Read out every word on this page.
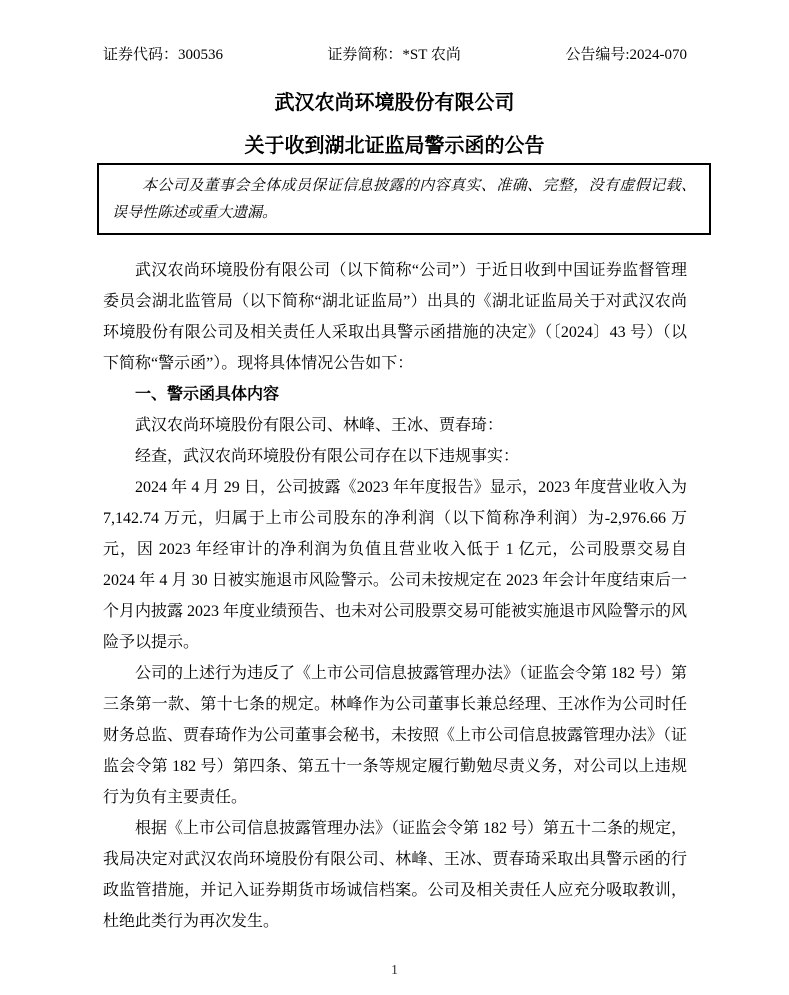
证券代码：300536	证券简称：*ST 农尚	公告编号:2024-070
武汉农尚环境股份有限公司
关于收到湖北证监局警示函的公告

本公司及董事会全体成员保证信息披露的内容真实、准确、完整，没有虚假记载、误导性陈述或重大遗漏。

武汉农尚环境股份有限公司（以下简称“公司”）于近日收到中国证券监督管理委员会湖北监管局（以下简称“湖北证监局”）出具的《湖北证监局关于对武汉农尚环境股份有限公司及相关责任人采取出具警示函措施的决定》（〔2024〕43 号）（以下简称“警示函”）。现将具体情况公告如下：

一、警示函具体内容

武汉农尚环境股份有限公司、林峰、王冰、贾春琦：

经查，武汉农尚环境股份有限公司存在以下违规事实：

2024 年 4 月 29 日，公司披露《2023 年年度报告》显示，2023 年度营业收入为 7,142.74 万元，归属于上市公司股东的净利润（以下简称净利润）为-2,976.66 万元，因 2023 年经审计的净利润为负值且营业收入低于 1 亿元，公司股票交易自 2024 年 4 月 30 日被实施退市风险警示。公司未按规定在 2023 年会计年度结束后一个月内披露 2023 年度业绩预告、也未对公司股票交易可能被实施退市风险警示的风险予以提示。

公司的上述行为违反了《上市公司信息披露管理办法》（证监会令第 182 号）第三条第一款、第十七条的规定。林峰作为公司董事长兼总经理、王冰作为公司时任财务总监、贾春琦作为公司董事会秘书，未按照《上市公司信息披露管理办法》（证监会令第 182 号）第四条、第五十一条等规定履行勤勉尽责义务，对公司以上违规行为负有主要责任。

根据《上市公司信息披露管理办法》（证监会令第 182 号）第五十二条的规定，我局决定对武汉农尚环境股份有限公司、林峰、王冰、贾春琦采取出具警示函的行政监管措施，并记入证券期货市场诚信档案。公司及相关责任人应充分吸取教训，杜绝此类行为再次发生。

1
